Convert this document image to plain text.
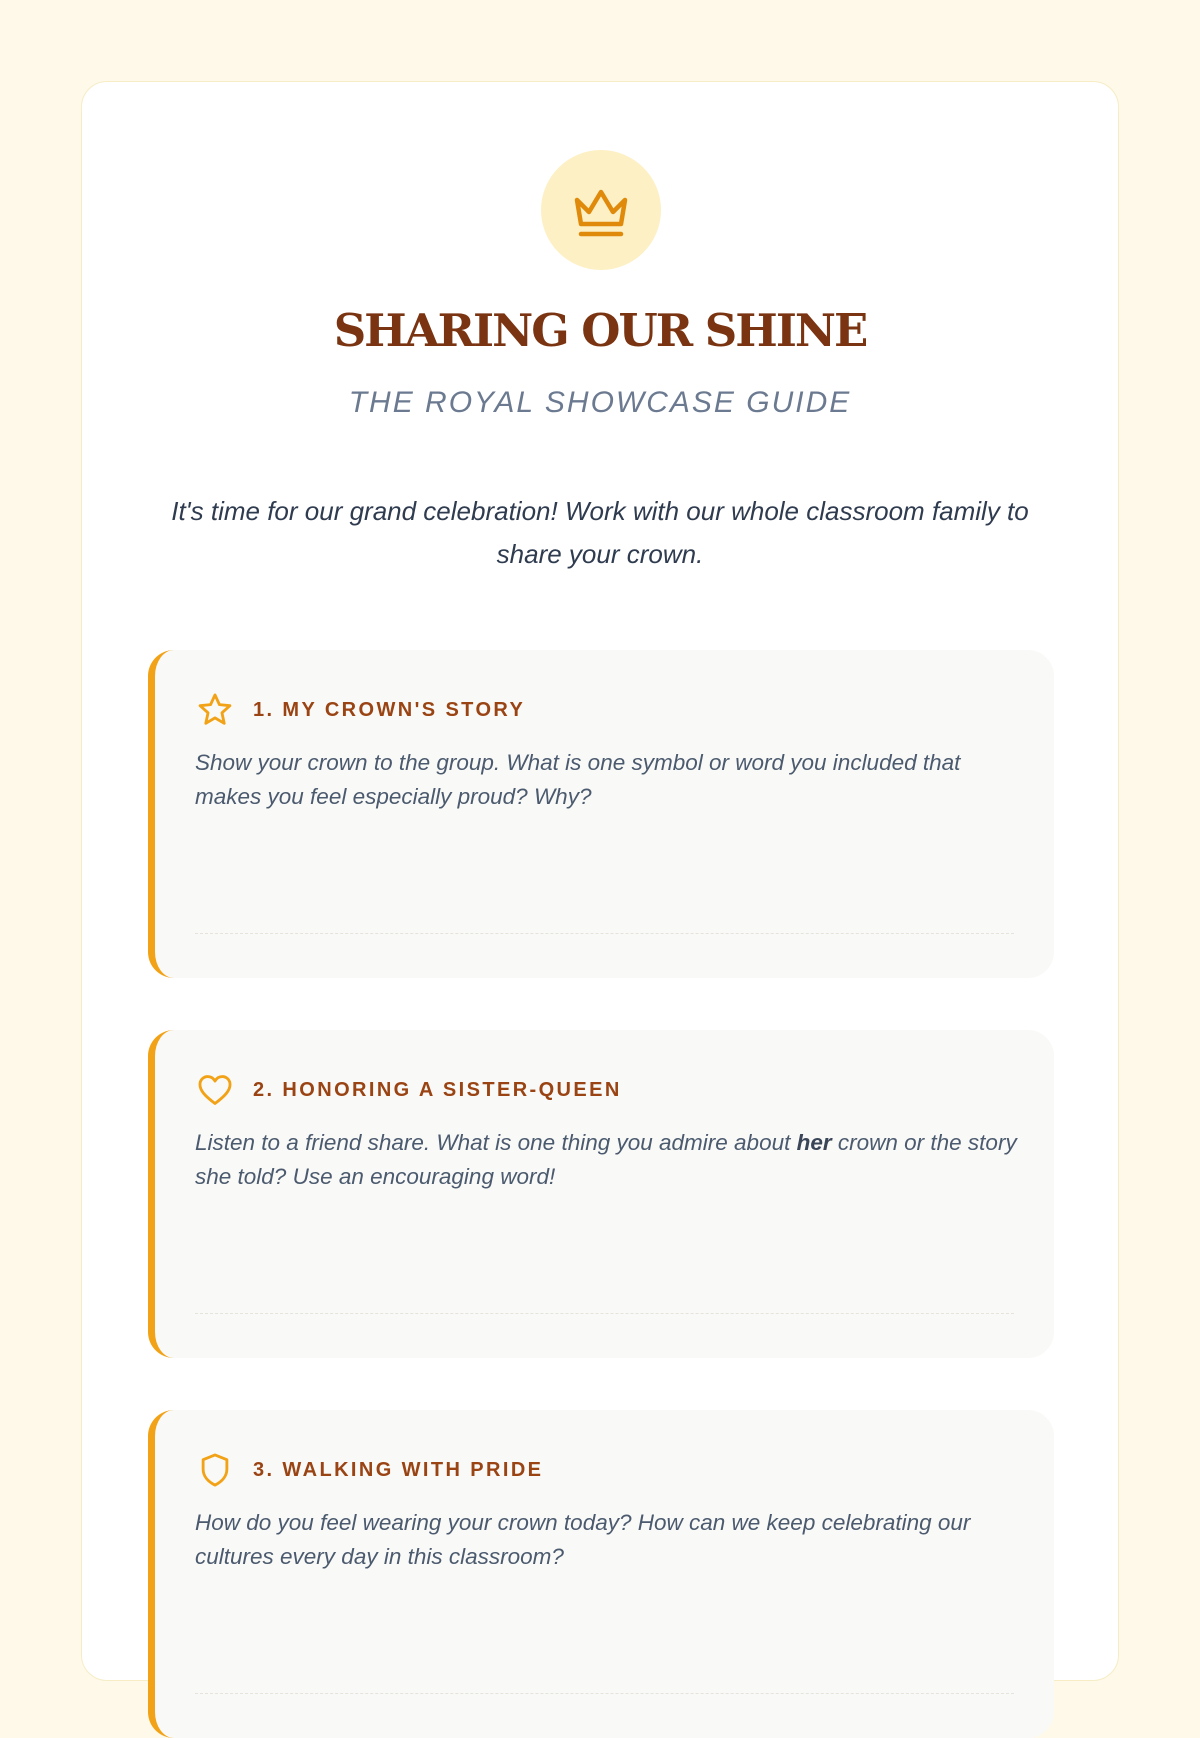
SHARING OUR SHINE
THE ROYAL SHOWCASE GUIDE
It's time for our grand celebration! Work with our whole classroom family to share your crown.
1. MY CROWN'S STORY
Show your crown to the group. What is one symbol or word you included that makes you feel especially proud? Why?
2. HONORING A SISTER-QUEEN
Listen to a friend share. What is one thing you admire about her crown or the story she told? Use an encouraging word!
3. WALKING WITH PRIDE
How do you feel wearing your crown today? How can we keep celebrating our cultures every day in this classroom?
